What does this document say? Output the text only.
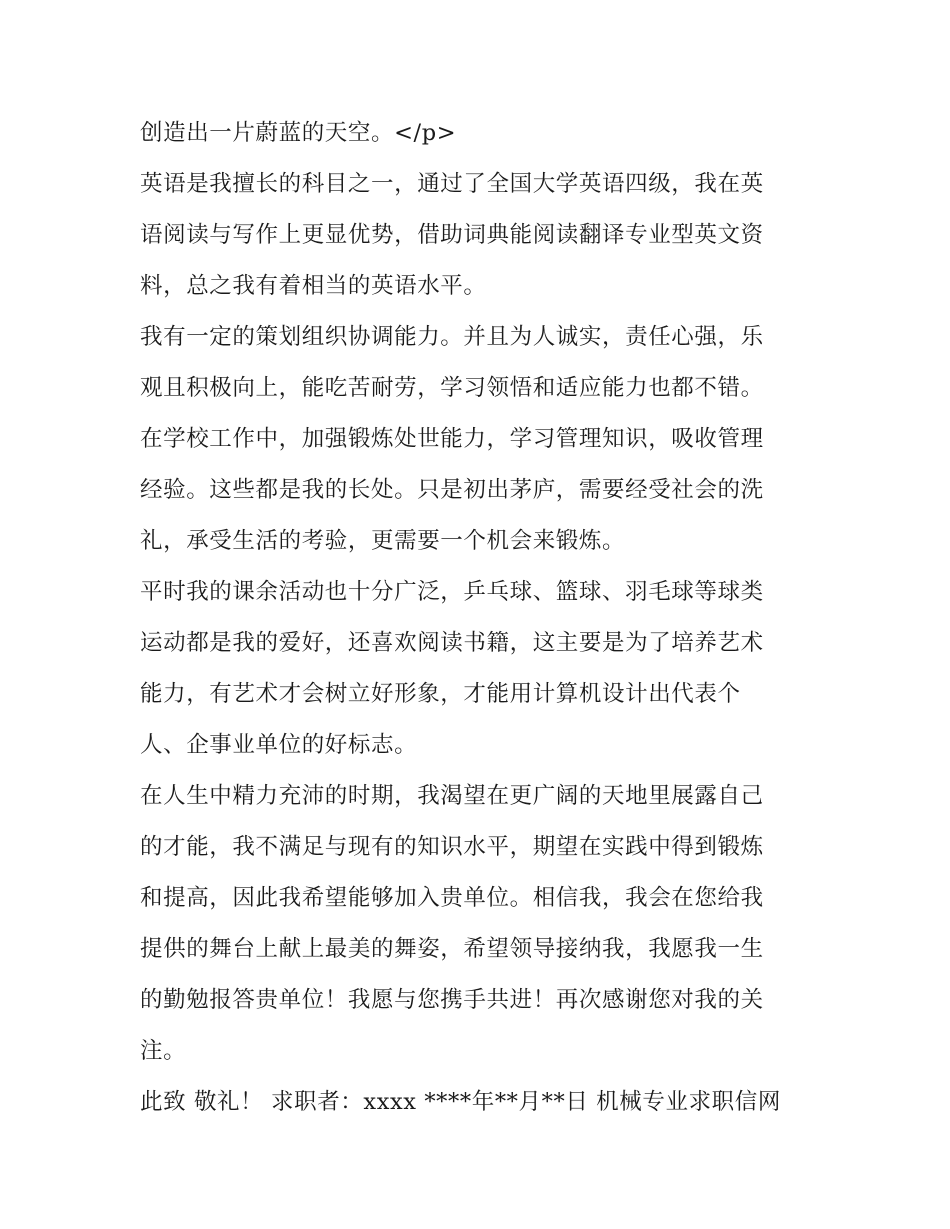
创造出一片蔚蓝的天空。</p>
英语是我擅长的科目之一，通过了全国大学英语四级，我在英
语阅读与写作上更显优势，借助词典能阅读翻译专业型英文资
料，总之我有着相当的英语水平。
我有一定的策划组织协调能力。并且为人诚实，责任心强，乐
观且积极向上，能吃苦耐劳，学习领悟和适应能力也都不错。
在学校工作中，加强锻炼处世能力，学习管理知识，吸收管理
经验。这些都是我的长处。只是初出茅庐，需要经受社会的洗
礼，承受生活的考验，更需要一个机会来锻炼。
平时我的课余活动也十分广泛，乒乓球、篮球、羽毛球等球类
运动都是我的爱好，还喜欢阅读书籍，这主要是为了培养艺术
能力，有艺术才会树立好形象，才能用计算机设计出代表个
人、企事业单位的好标志。
在人生中精力充沛的时期，我渴望在更广阔的天地里展露自己
的才能，我不满足与现有的知识水平，期望在实践中得到锻炼
和提高，因此我希望能够加入贵单位。相信我，我会在您给我
提供的舞台上献上最美的舞姿，希望领导接纳我，我愿我一生
的勤勉报答贵单位！我愿与您携手共进！再次感谢您对我的关
注。
此致 敬礼！ 求职者：xxxx ****年**月**日 机械专业求职信网
